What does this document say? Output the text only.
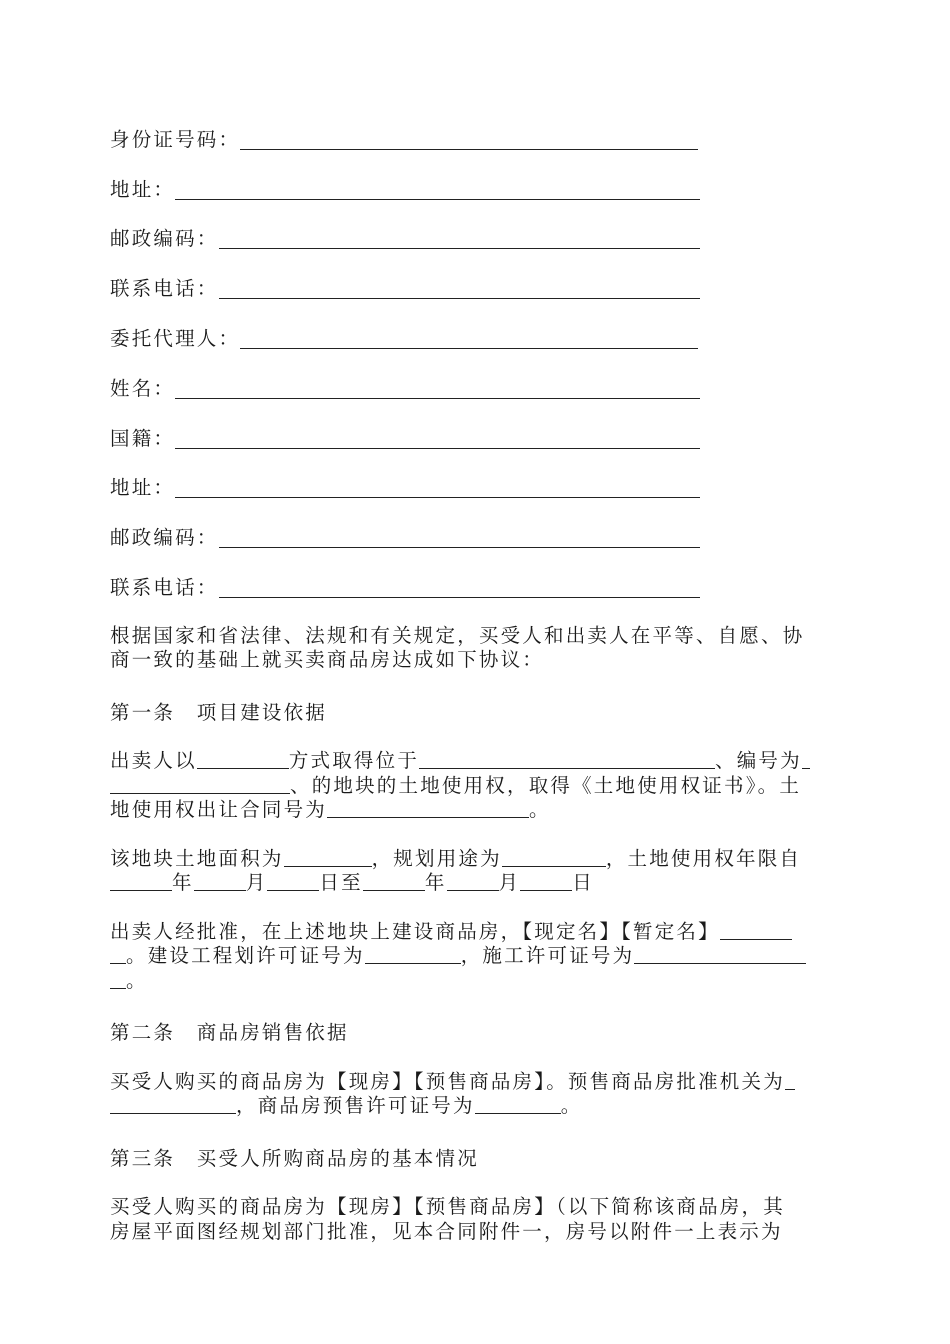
身份证号码：
地址：
邮政编码：
联系电话：
委托代理人：
姓名：
国籍：
地址：
邮政编码：
联系电话：

根据国家和省法律、法规和有关规定，买受人和出卖人在平等、自愿、协
商一致的基础上就买卖商品房达成如下协议：

第一条　项目建设依据

出卖人以	方式取得位于	、编号为
、的地块的土地使用权，取得《土地使用权证书》。土
地使用权出让合同号为	。

该地块土地面积为	，规划用途为	，土地使用权年限自
年	月	日至	年	月	日

出卖人经批准，在上述地块上建设商品房，【现定名】【暂定名】
。建设工程划许可证号为	，施工许可证号为
。

第二条　商品房销售依据

买受人购买的商品房为【现房】【预售商品房】。预售商品房批准机关为
，商品房预售许可证号为	。

第三条　买受人所购商品房的基本情况

买受人购买的商品房为【现房】【预售商品房】（以下简称该商品房，其
房屋平面图经规划部门批准，见本合同附件一，房号以附件一上表示为
